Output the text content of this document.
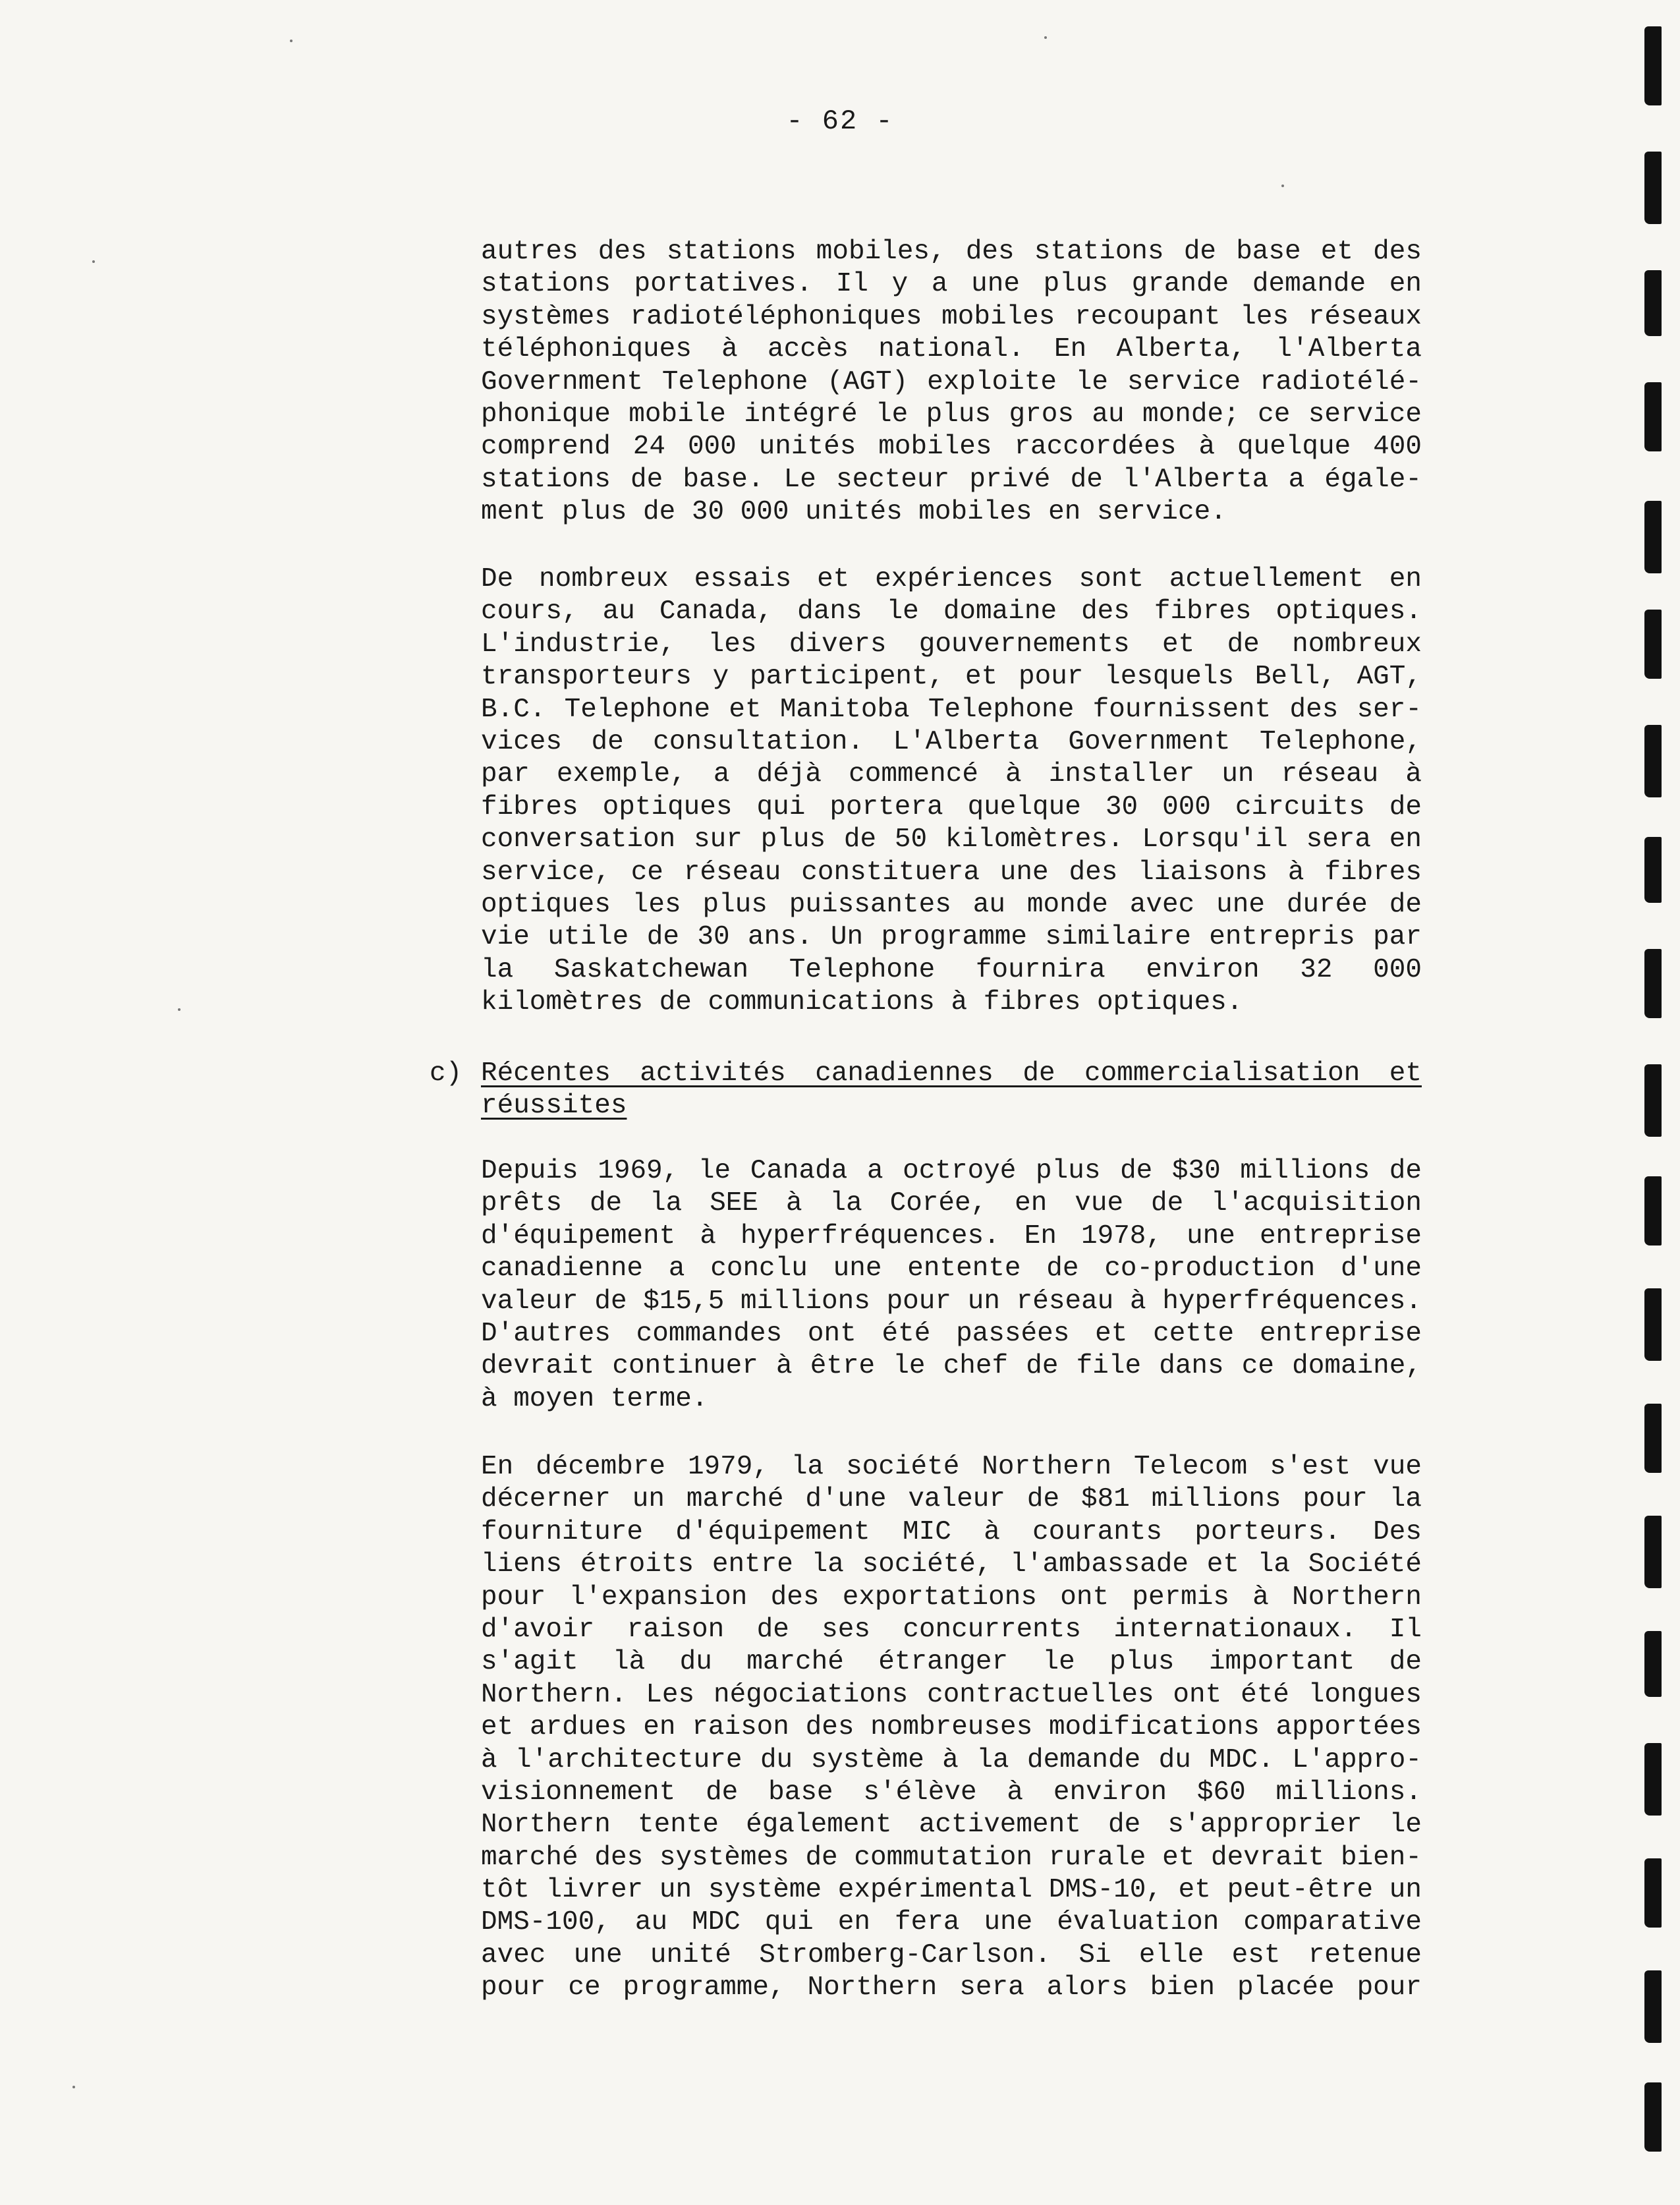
- 62 -
autres des stations mobiles, des stations de base et des
stations portatives. Il y a une plus grande demande en
systèmes radiotéléphoniques mobiles recoupant les réseaux
téléphoniques à accès national. En Alberta, l'Alberta
Government Telephone (AGT) exploite le service radiotélé-
phonique mobile intégré le plus gros au monde; ce service
comprend 24 000 unités mobiles raccordées à quelque 400
stations de base. Le secteur privé de l'Alberta a égale-
ment plus de 30 000 unités mobiles en service.
De nombreux essais et expériences sont actuellement en
cours, au Canada, dans le domaine des fibres optiques.
L'industrie, les divers gouvernements et de nombreux
transporteurs y participent, et pour lesquels Bell, AGT,
B.C. Telephone et Manitoba Telephone fournissent des ser-
vices de consultation. L'Alberta Government Telephone,
par exemple, a déjà commencé à installer un réseau à
fibres optiques qui portera quelque 30 000 circuits de
conversation sur plus de 50 kilomètres. Lorsqu'il sera en
service, ce réseau constituera une des liaisons à fibres
optiques les plus puissantes au monde avec une durée de
vie utile de 30 ans. Un programme similaire entrepris par
la Saskatchewan Telephone fournira environ 32 000
kilomètres de communications à fibres optiques.
c) Récentes activités canadiennes de commercialisation et
réussites
Depuis 1969, le Canada a octroyé plus de $30 millions de
prêts de la SEE à la Corée, en vue de l'acquisition
d'équipement à hyperfréquences. En 1978, une entreprise
canadienne a conclu une entente de co-production d'une
valeur de $15,5 millions pour un réseau à hyperfréquences.
D'autres commandes ont été passées et cette entreprise
devrait continuer à être le chef de file dans ce domaine,
à moyen terme.
En décembre 1979, la société Northern Telecom s'est vue
décerner un marché d'une valeur de $81 millions pour la
fourniture d'équipement MIC à courants porteurs. Des
liens étroits entre la société, l'ambassade et la Société
pour l'expansion des exportations ont permis à Northern
d'avoir raison de ses concurrents internationaux. Il
s'agit là du marché étranger le plus important de
Northern. Les négociations contractuelles ont été longues
et ardues en raison des nombreuses modifications apportées
à l'architecture du système à la demande du MDC. L'appro-
visionnement de base s'élève à environ $60 millions.
Northern tente également activement de s'approprier le
marché des systèmes de commutation rurale et devrait bien-
tôt livrer un système expérimental DMS-10, et peut-être un
DMS-100, au MDC qui en fera une évaluation comparative
avec une unité Stromberg-Carlson. Si elle est retenue
pour ce programme, Northern sera alors bien placée pour
